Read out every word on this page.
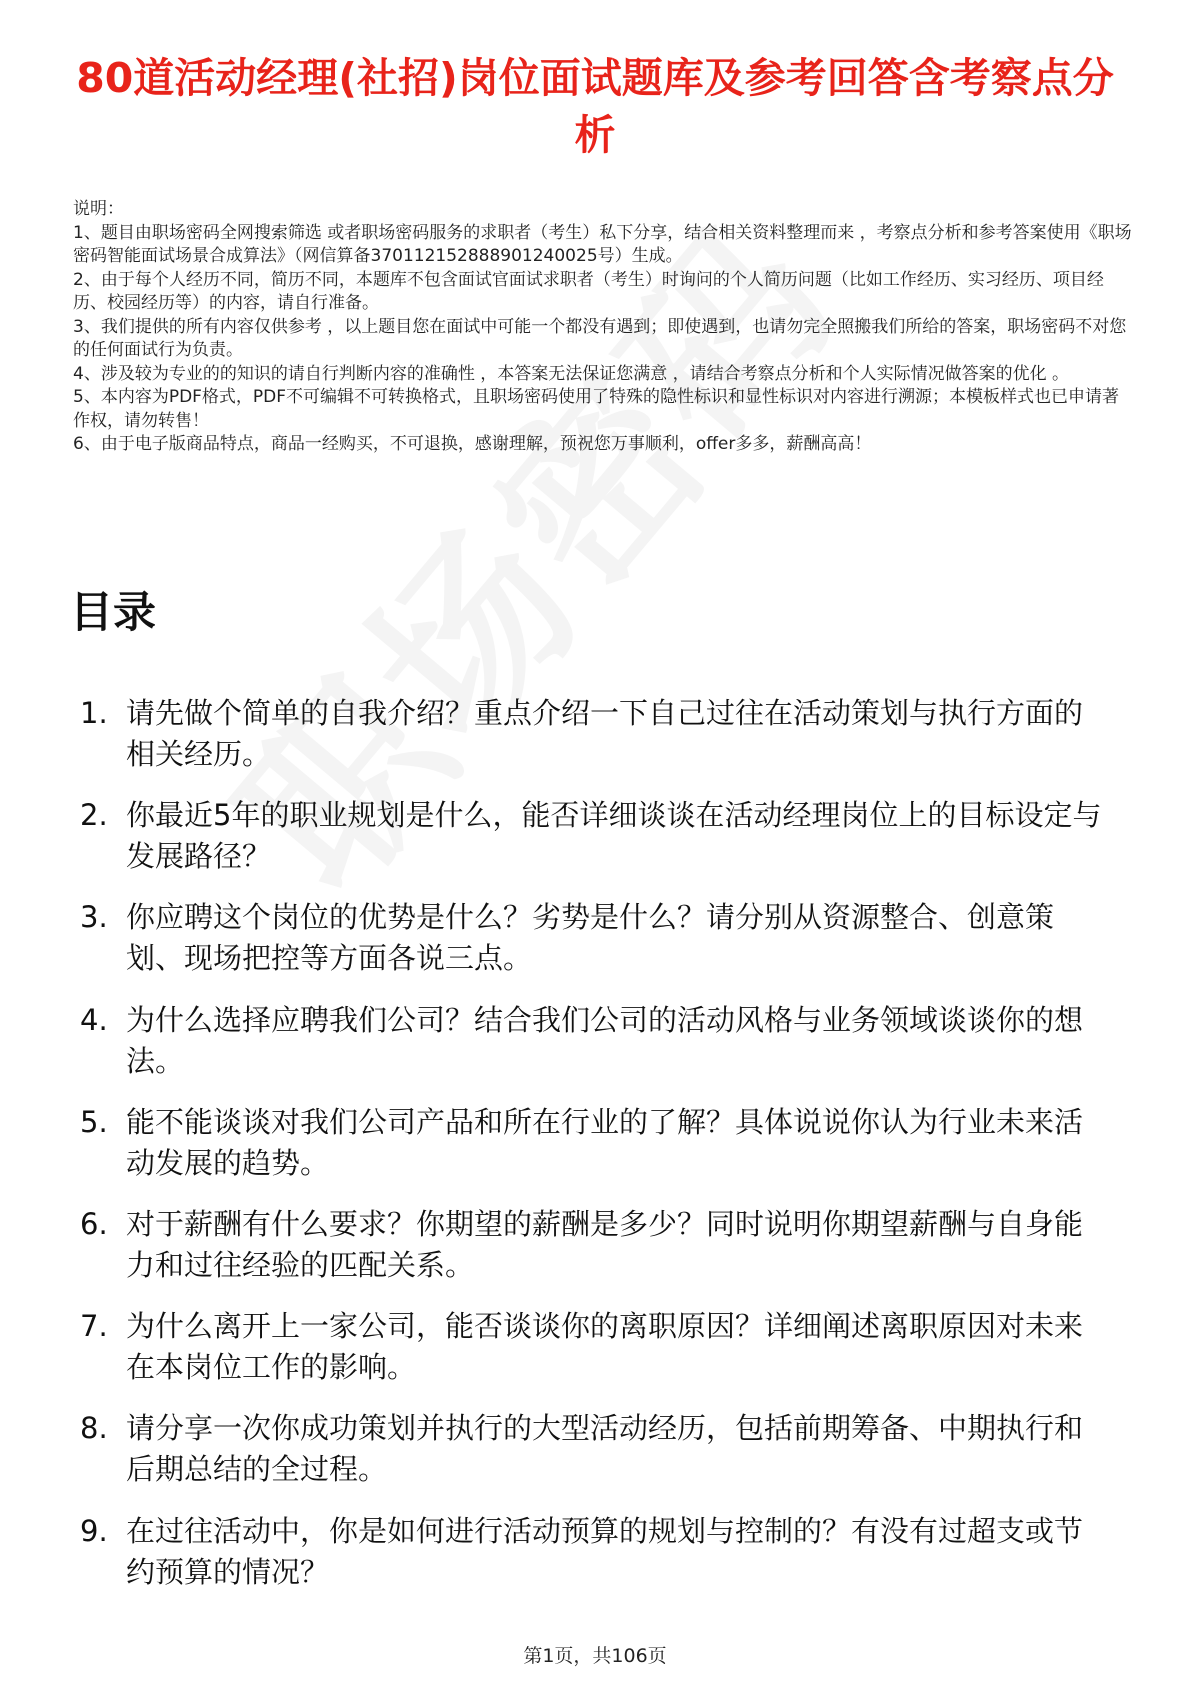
80道活动经理(社招)岗位面试题库及参考回答含考察点分析

说明：

1、题目由职场密码全网搜索筛选 或者职场密码服务的求职者（考生）私下分享，结合相关资料整理而来 ，考察点分析和参考答案使用《职场密码智能面试场景合成算法》（网信算备370112152888901240025号）生成。

2、由于每个人经历不同，简历不同，本题库不包含面试官面试求职者（考生）时询问的个人简历问题（比如工作经历、实习经历、项目经历、校园经历等）的内容，请自行准备。

3、我们提供的所有内容仅供参考 ，以上题目您在面试中可能一个都没有遇到；即使遇到，也请勿完全照搬我们所给的答案，职场密码不对您的任何面试行为负责。

4、涉及较为专业的的知识的请自行判断内容的准确性 ，本答案无法保证您满意 ，请结合考察点分析和个人实际情况做答案的优化 。

5、本内容为PDF格式，PDF不可编辑不可转换格式，且职场密码使用了特殊的隐性标识和显性标识对内容进行溯源；本模板样式也已申请著作权，请勿转售！

6、由于电子版商品特点，商品一经购买，不可退换，感谢理解，预祝您万事顺利，offer多多，薪酬高高！

目录
1. 请先做个简单的自我介绍？重点介绍一下自己过往在活动策划与执行方面的相关经历。
2. 你最近5年的职业规划是什么，能否详细谈谈在活动经理岗位上的目标设定与发展路径？
3. 你应聘这个岗位的优势是什么？劣势是什么？请分别从资源整合、创意策划、现场把控等方面各说三点。
4. 为什么选择应聘我们公司？结合我们公司的活动风格与业务领域谈谈你的想法。
5. 能不能谈谈对我们公司产品和所在行业的了解？具体说说你认为行业未来活动发展的趋势。
6. 对于薪酬有什么要求？你期望的薪酬是多少？同时说明你期望薪酬与自身能力和过往经验的匹配关系。
7. 为什么离开上一家公司，能否谈谈你的离职原因？详细阐述离职原因对未来在本岗位工作的影响。
8. 请分享一次你成功策划并执行的大型活动经历，包括前期筹备、中期执行和后期总结的全过程。
9. 在过往活动中，你是如何进行活动预算的规划与控制的？有没有过超支或节约预算的情况？
第1页，共106页
